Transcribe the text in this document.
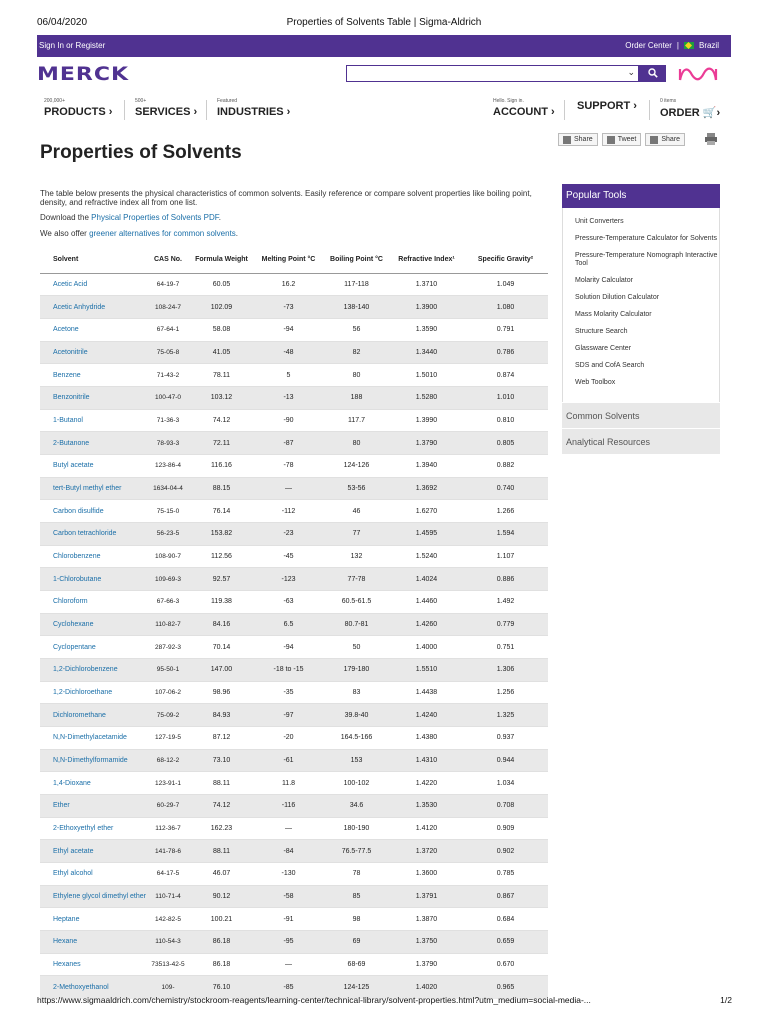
06/04/2020	Properties of Solvents Table | Sigma-Aldrich
Sign In or Register	Order Center |	Brazil
MERCK	⌄
200,000+
PRODUCTS ›
500+
SERVICES ›
Featured
INDUSTRIES ›
Hello. Sign in.
ACCOUNT › SUPPORT ›	0 items
ORDER 🛒›
Properties of Solvents
Share	Tweet	Share

The table below presents the physical characteristics of common solvents. Easily reference or compare solvent properties like boiling point, density, and refractive index all from one list.

Download the Physical Properties of Solvents PDF.

We also offer greener alternatives for common solvents.

Solvent	CAS No.	Formula Weight	Melting Point °C	Boiling Point °C	Refractive Index¹	Specific Gravity²
Acetic Acid	64-19-7	60.05	16.2	117-118	1.3710	1.049
Acetic Anhydride	108-24-7	102.09	-73	138-140	1.3900	1.080
Acetone	67-64-1	58.08	-94	56	1.3590	0.791
Acetonitrile	75-05-8	41.05	-48	82	1.3440	0.786
Benzene	71-43-2	78.11	5	80	1.5010	0.874
Benzonitrile	100-47-0	103.12	-13	188	1.5280	1.010
1-Butanol	71-36-3	74.12	-90	117.7	1.3990	0.810
2-Butanone	78-93-3	72.11	-87	80	1.3790	0.805
Butyl acetate	123-86-4	116.16	-78	124-126	1.3940	0.882
tert-Butyl methyl ether	1634-04-4	88.15	—	53-56	1.3692	0.740
Carbon disulfide	75-15-0	76.14	-112	46	1.6270	1.266
Carbon tetrachloride	56-23-5	153.82	-23	77	1.4595	1.594
Chlorobenzene	108-90-7	112.56	-45	132	1.5240	1.107
1-Chlorobutane	109-69-3	92.57	-123	77-78	1.4024	0.886
Chloroform	67-66-3	119.38	-63	60.5-61.5	1.4460	1.492
Cyclohexane	110-82-7	84.16	6.5	80.7-81	1.4260	0.779
Cyclopentane	287-92-3	70.14	-94	50	1.4000	0.751
1,2-Dichlorobenzene	95-50-1	147.00	-18 to -15	179-180	1.5510	1.306
1,2-Dichloroethane	107-06-2	98.96	-35	83	1.4438	1.256
Dichloromethane	75-09-2	84.93	-97	39.8-40	1.4240	1.325
N,N-Dimethylacetamide	127-19-5	87.12	-20	164.5-166	1.4380	0.937
N,N-Dimethylformamide	68-12-2	73.10	-61	153	1.4310	0.944
1,4-Dioxane	123-91-1	88.11	11.8	100-102	1.4220	1.034
Ether	60-29-7	74.12	-116	34.6	1.3530	0.708
2-Ethoxyethyl ether	112-36-7	162.23	—	180-190	1.4120	0.909
Ethyl acetate	141-78-6	88.11	-84	76.5-77.5	1.3720	0.902
Ethyl alcohol	64-17-5	46.07	-130	78	1.3600	0.785
Ethylene glycol dimethyl ether	110-71-4	90.12	-58	85	1.3791	0.867
Heptane	142-82-5	100.21	-91	98	1.3870	0.684
Hexane	110-54-3	86.18	-95	69	1.3750	0.659
Hexanes	73513-42-5	86.18	—	68-69	1.3790	0.670
2-Methoxyethanol	109-	76.10	-85	124-125	1.4020	0.965
Popular Tools
Unit Converters
Pressure-Temperature Calculator for Solvents
Pressure-Temperature Nomograph Interactive Tool
Molarity Calculator
Solution Dilution Calculator
Mass Molarity Calculator
Structure Search
Glassware Center
SDS and CofA Search
Web Toolbox
Common Solvents
Analytical Resources
https://www.sigmaaldrich.com/chemistry/stockroom-reagents/learning-center/technical-library/solvent-properties.html?utm_medium=social-media-...	1/2
